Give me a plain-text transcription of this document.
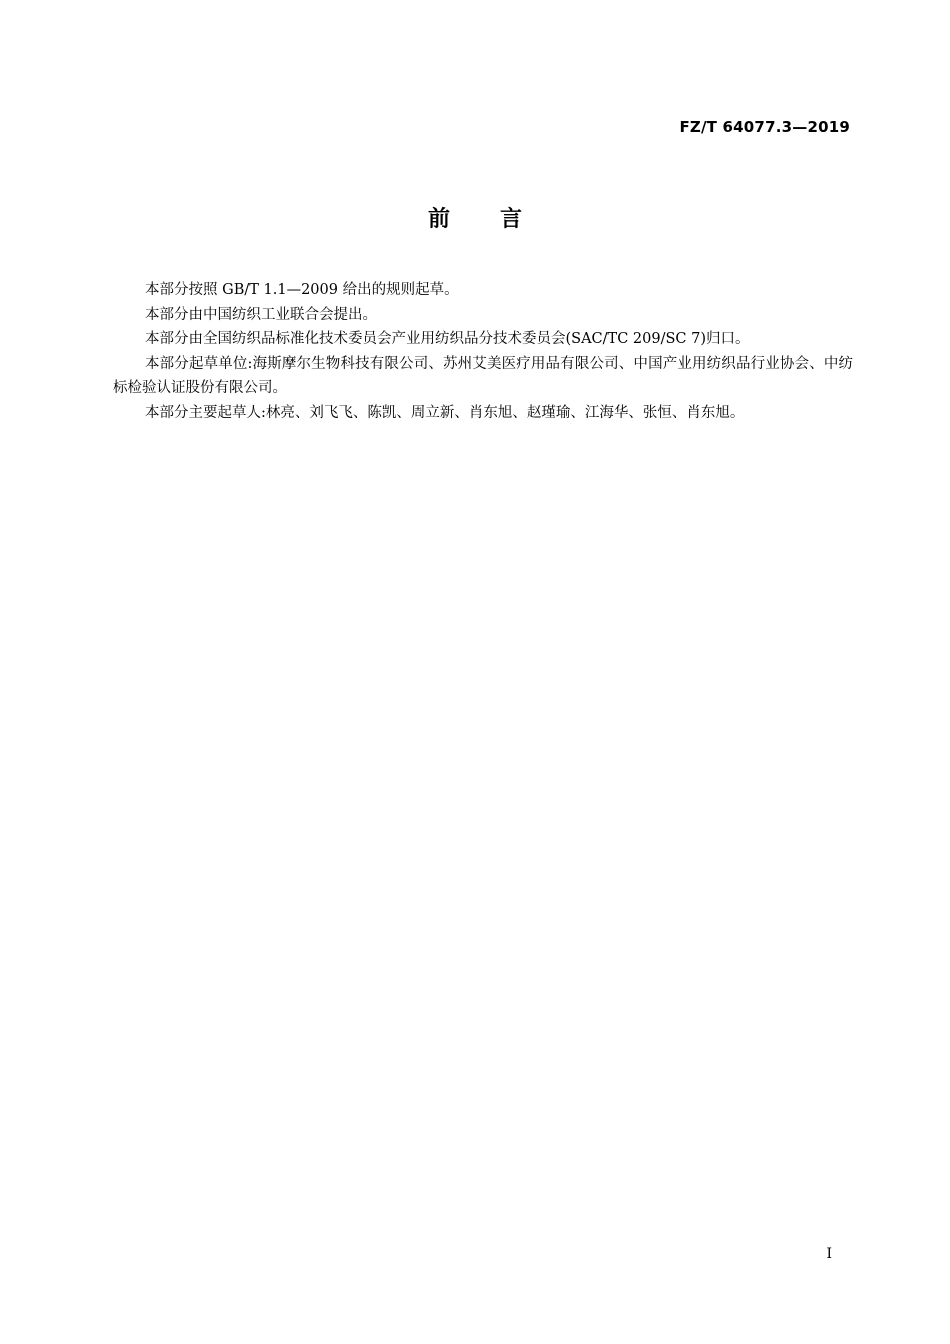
FZ/T 64077.3—2019
前言

本部分按照 GB/T 1.1—2009 给出的规则起草。

本部分由中国纺织工业联合会提出。

本部分由全国纺织品标准化技术委员会产业用纺织品分技术委员会(SAC/TC 209/SC 7)归口。

本部分起草单位:海斯摩尔生物科技有限公司、苏州艾美医疗用品有限公司、中国产业用纺织品行业协会、中纺标检验认证股份有限公司。

本部分主要起草人:林亮、刘飞飞、陈凯、周立新、肖东旭、赵瑾瑜、江海华、张恒、肖东旭。

I
